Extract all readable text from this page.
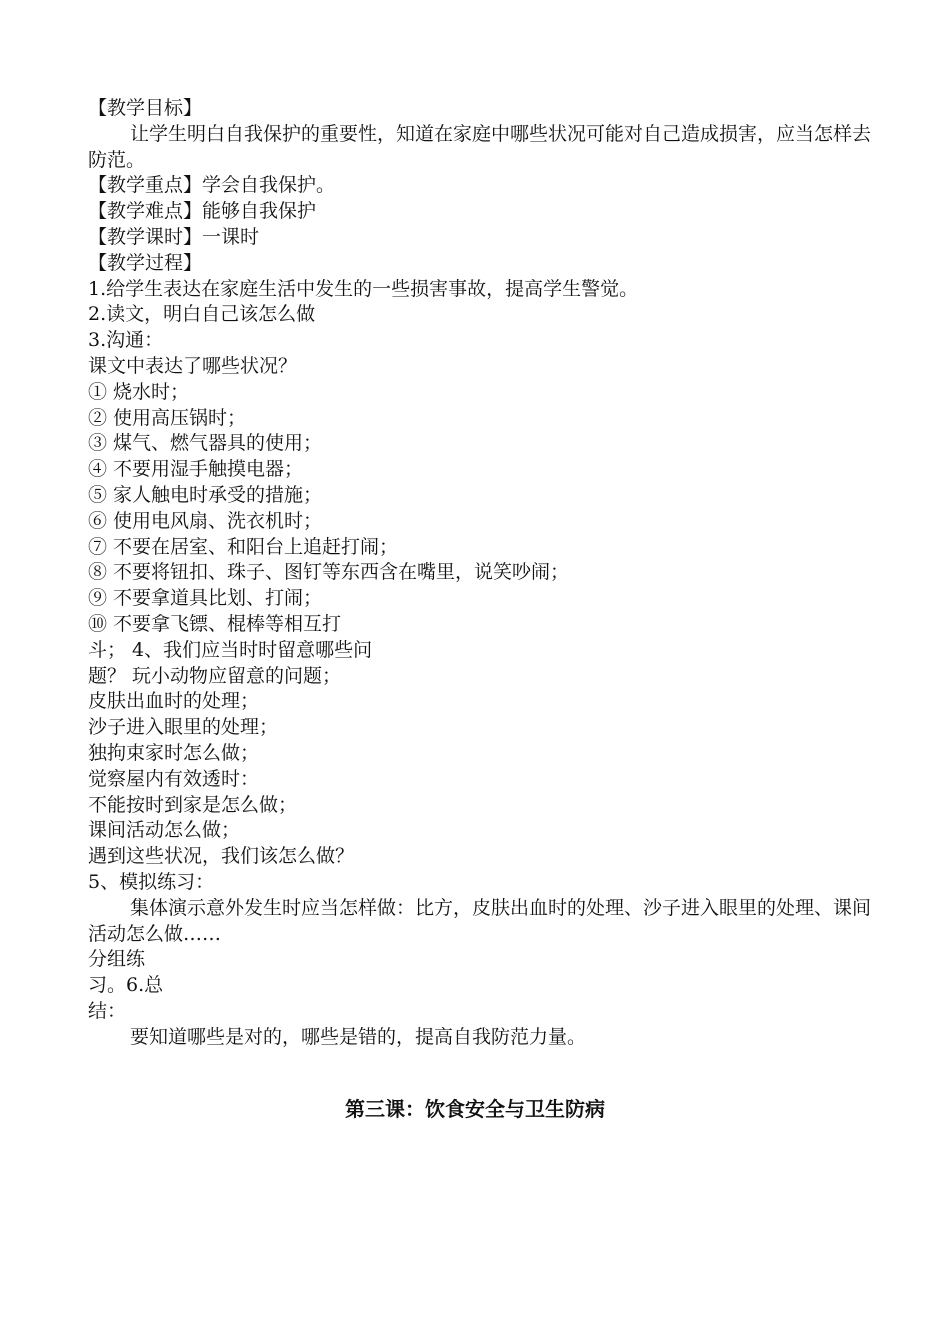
【教学目标】
让学生明白自我保护的重要性，知道在家庭中哪些状况可能对自己造成损害，应当怎样去防范。
【教学重点】学会自我保护。
【教学难点】能够自我保护
【教学课时】一课时
【教学过程】
1.给学生表达在家庭生活中发生的一些损害事故，提高学生警觉。
2.读文，明白自己该怎么做
3.沟通：
课文中表达了哪些状况？
① 烧水时；
② 使用高压锅时；
③ 煤气、燃气器具的使用；
④ 不要用湿手触摸电器；
⑤ 家人触电时承受的措施；
⑥ 使用电风扇、洗衣机时；
⑦ 不要在居室、和阳台上追赶打闹；
⑧ 不要将钮扣、珠子、图钉等东西含在嘴里，说笑吵闹；
⑨ 不要拿道具比划、打闹；
⑩ 不要拿飞镖、棍棒等相互打
斗； 4、我们应当时时留意哪些问
题？ 玩小动物应留意的问题；
皮肤出血时的处理；
沙子进入眼里的处理；
独拘束家时怎么做；
觉察屋内有效透时：
不能按时到家是怎么做；
课间活动怎么做；
遇到这些状况，我们该怎么做？
5、模拟练习：
集体演示意外发生时应当怎样做：比方，皮肤出血时的处理、沙子进入眼里的处理、课间活动怎么做……
分组练
习。6.总
结：
要知道哪些是对的，哪些是错的，提高自我防范力量。
第三课：饮食安全与卫生防病
